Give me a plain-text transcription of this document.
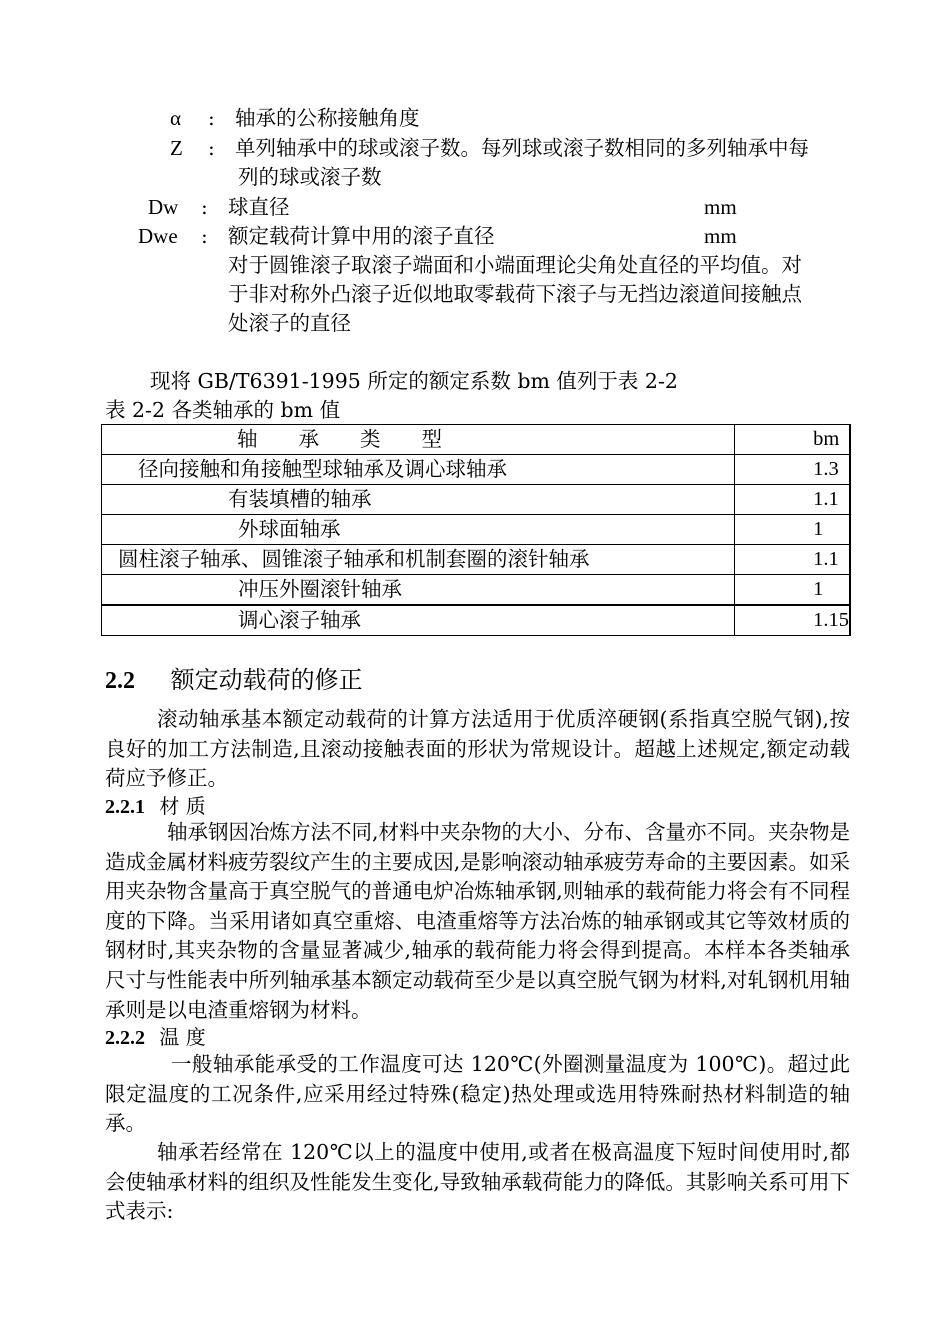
α : 轴承的公称接触角度
Z : 单列轴承中的球或滚子数。每列球或滚子数相同的多列轴承中每
列的球或滚子数
Dw : 球直径	mm
Dwe : 额定载荷计算中用的滚子直径	mm
对于圆锥滚子取滚子端面和小端面理论尖角处直径的平均值。对
于非对称外凸滚子近似地取零载荷下滚子与无挡边滚道间接触点
处滚子的直径
现将 GB/T6391-1995 所定的额定系数 bm 值列于表 2-2
表 2-2 各类轴承的 bm 值
轴　　承　　类　　型	bm
径向接触和角接触型球轴承及调心球轴承	1.3
有装填槽的轴承	1.1
外球面轴承	1
圆柱滚子轴承、圆锥滚子轴承和机制套圈的滚针轴承	1.1
冲压外圈滚针轴承	1
调心滚子轴承	1.15
2.2 额定动载荷的修正
滚动轴承基本额定动载荷的计算方法适用于优质淬硬钢(系指真空脱气钢),按良好的加工方法制造,且滚动接触表面的形状为常规设计。超越上述规定,额定动载荷应予修正。
2.2.1 材 质
轴承钢因冶炼方法不同,材料中夹杂物的大小、分布、含量亦不同。夹杂物是造成金属材料疲劳裂纹产生的主要成因,是影响滚动轴承疲劳寿命的主要因素。如采用夹杂物含量高于真空脱气的普通电炉冶炼轴承钢,则轴承的载荷能力将会有不同程度的下降。当采用诸如真空重熔、电渣重熔等方法冶炼的轴承钢或其它等效材质的钢材时,其夹杂物的含量显著减少,轴承的载荷能力将会得到提高。本样本各类轴承尺寸与性能表中所列轴承基本额定动载荷至少是以真空脱气钢为材料,对轧钢机用轴承则是以电渣重熔钢为材料。
2.2.2 温 度
一般轴承能承受的工作温度可达 120℃(外圈测量温度为 100℃)。超过此限定温度的工况条件,应采用经过特殊(稳定)热处理或选用特殊耐热材料制造的轴承。
轴承若经常在 120℃以上的温度中使用,或者在极高温度下短时间使用时,都会使轴承材料的组织及性能发生变化,导致轴承载荷能力的降低。其影响关系可用下式表示:
